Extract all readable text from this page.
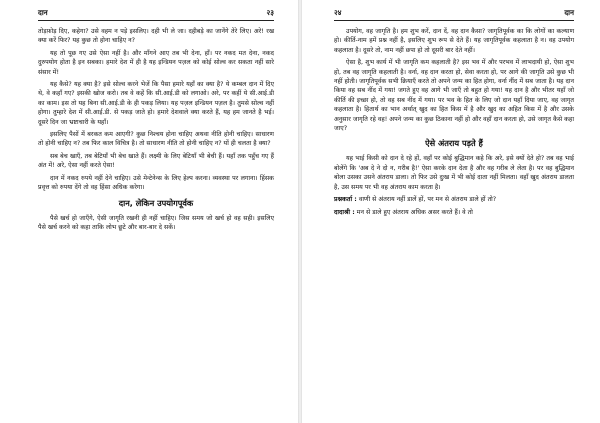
दान	२३

तोड़फ़ोड़ दिए, कहेगा? उसे वहम न पड़े इसलिए। दही भी ले जा। दहीबड़े का जानेंगे तेरे लिए। अरे! रख क्या करें फिर? यह कुछ तो होना चाहिए न?

यह तो पूछ गए उसे ऐसा नहीं है। और माँगने आए तब भी देना, हाँ। पर नकद मत देना, नकद दुरुपयोग होता है इन सबका। हमारे देश में ही है यह इन्डियन पज़ल को कोई सोल्व कर सकता नहीं सारे संसार में!

यह कैसे? यह क्या है? इसे सोल्व करने भेजें कि पैसा हमारे यहाँ का क्या है? ये कम्बल दान में दिए थे, वे कहाँ गए? इसकी खोज करो। तब वे कहें कि सी.आई.डी को लगाओ। अरे, पर कहीं ये सी.आई.डी का काम। इस तो यह बिना सी.आई.डी के ही पकड़ लिया। यह पज़ल इन्डियन पज़ल है। तुमसे सोल्व नहीं होगा। तुम्हारे देश में सी.आई.डी. से पकड़ जाते हो। हमारे देशवाले क्या करते हैं, यह हम जानते है भई। दूसरे दिन जा भ्रष्टाचारी के यहाँ।

इसलिए पैसों में बरकत कम आएगी? कुछ निश्चय होना चाहिए अथवा नीति होनी चाहिए। साधारण तो होनी चाहिए न? तब फिर काल विचित्र है। तो साधारण नीति तो होनी चाहिए न? यों ही चलता है क्या?

सब बेच खाएँ, तब बेटियाँ भी बेच खाते हैं। लक्ष्मी के लिए बेटियाँ भी बेची हैं। यहाँ तक पहुँच गए हैं अंत में! अरे, ऐसा नहीं करते ऐसा!

दान में नकद रुपये नहीं देने चाहिए। उसे मेन्टेनेन्स के लिए हेल्प करना। व्यवस्था पर लगाना। हिंसक प्रवृत्त को रुपया देंगे तो वह हिंसा अधिक करेगा।

दान, लेकिन उपयोगपूर्वक

पैसे खर्च हो जाएँगे, ऐसी जागृति रखनी ही नहीं चाहिए। जिस समय जो खर्च हो वह सही। इसलिए पैसे खर्च करने को कहा ताकि लोभ छूटे और बार-बार दे सकें।

२४	दान

उपयोग, वह जागृति है। हम शुभ करें, दान दें, वह दान कैसा? जागृतिपूर्वक का कि लोगों का कल्याण हो। कीर्ति-नाम हमें प्रश्न नहीं है, इसलिए शुभ रूप से देते हैं। यह जागृतिपूर्वक कहलाता है न। वह उपयोग कहलाता है। दूसरे तो, नाम नहीं छपा हो तो दूसरी बार देते नहीं।

ऐसा है, शुभ कार्य में भी जागृति कम कहलाती है? इस भव में और परभव में लाभदायी हो, ऐसा शुभ हो, तब वह जागृति कहलाती है। वर्ना, वह दान करता हो, सेवा करता हो, पर आगे की जागृति उसे कुछ भी नहीं होती। जागृतिपूर्वक सभी क्रियाएँ करते तो अपने जन्म का हित होगा, वर्ना नींद में सब जाता है। यह दान किया वह सब नींद में गया! जगते हुए वह आगे भी जाएँ तो बहुत हो गया! यह दान है और भीतर यहाँ जो कीर्ति की इच्छा हो, तो वह सब नींद में गया। पर भव के हित के लिए जो दान यहाँ दिया जाए, वह जागृत कहलाता है। हितार्थ का भान अर्थात् खुद का हित किस में है और खुद का अहित किस में है और उसके अनुसार जागृति रहे वह! अपने जन्म का कुछ ठिकाना नहीं हो और वहाँ दान करता हो, उसे जागृत कैसे कहा जाए?

ऐसे अंतराय पड़ते हैं

यह भाई किसी को दान दे रहे हों, वहाँ पर कोई बुद्धिमान कहे कि अरे, इसे क्यों देते हो? तब वह भाई बोलेंगे कि 'अब दे ने दो न, गरीब है!' ऐसा करके दान देता है और वह गरीब ले लेता है। पर वह बुद्धिमान बोला उसका उसने अंतराय डाला। तो फिर उसे दुःख में भी कोई दाता नहीं मिलता। वहाँ खुद अंतराय डालता है, उस समय पर भी वह अंतराय काम करता है।

प्रश्नकर्ता : वाणी से अंतराय नहीं डालें हों, पर मन से अंतराय डाले हों तो?
दादाश्री : मन से डाले हुए अंतराय अधिक असर करते हैं। वे तो
